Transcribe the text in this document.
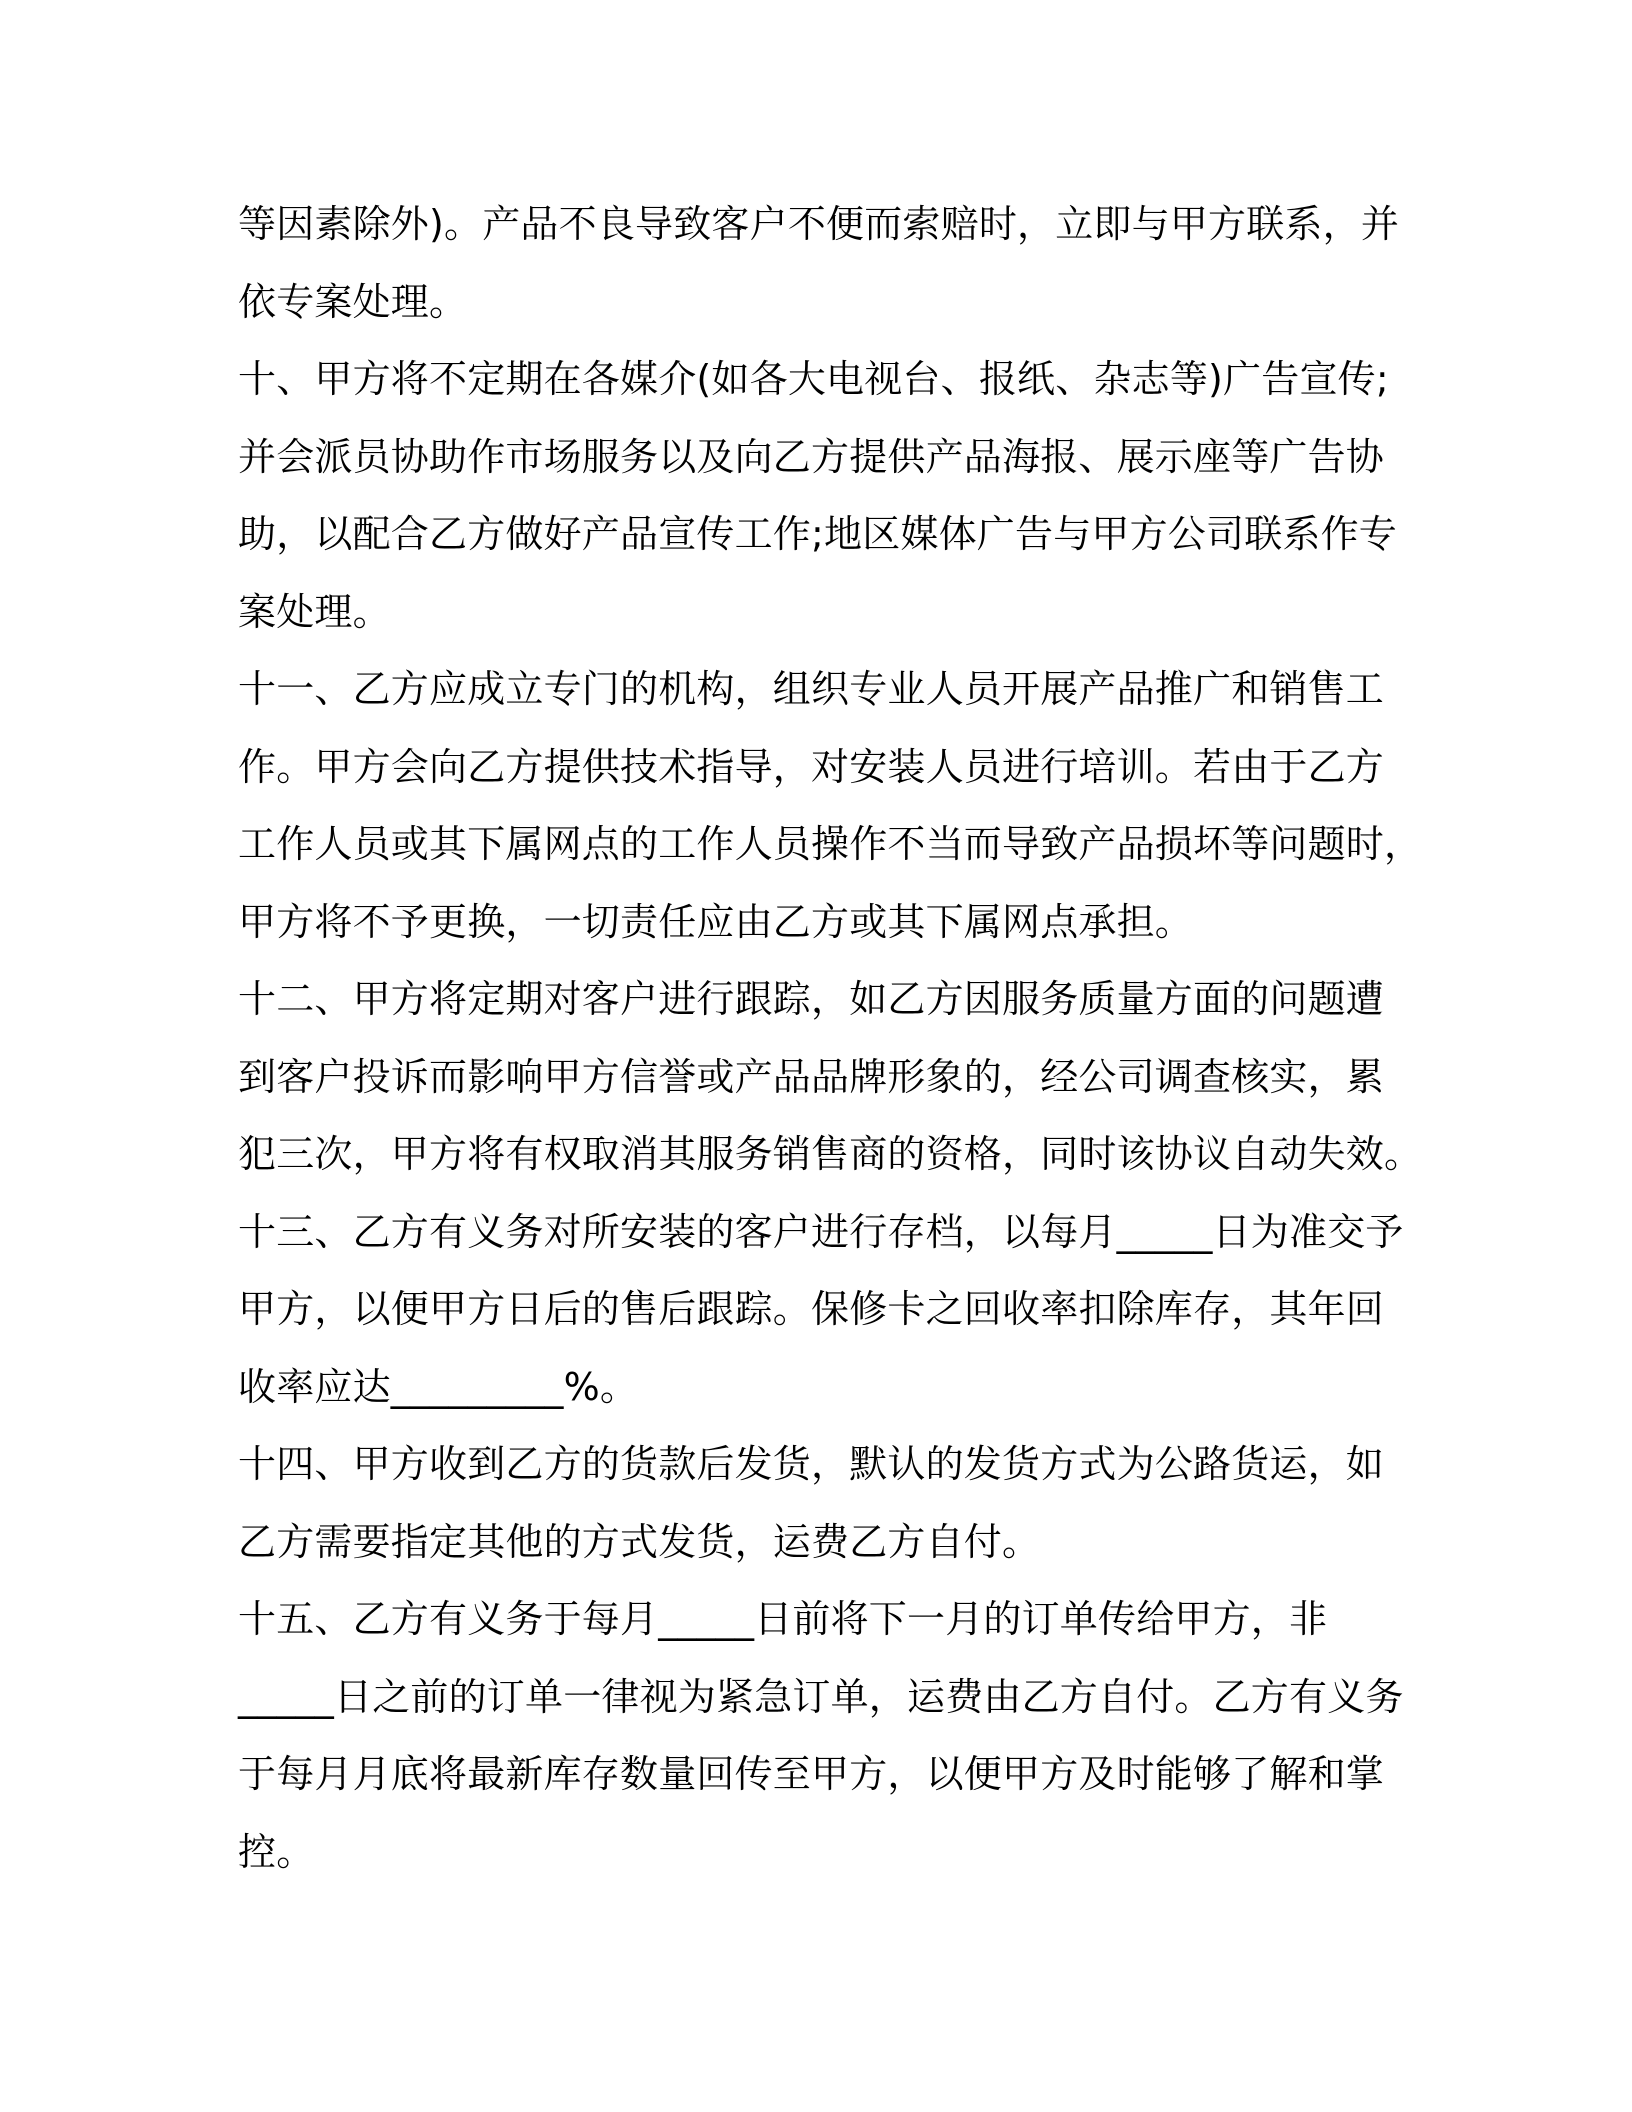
等因素除外)。产品不良导致客户不便而索赔时，立即与甲方联系，并
依专案处理。
十、甲方将不定期在各媒介(如各大电视台、报纸、杂志等)广告宣传;
并会派员协助作市场服务以及向乙方提供产品海报、展示座等广告协
助，以配合乙方做好产品宣传工作;地区媒体广告与甲方公司联系作专
案处理。
十一、乙方应成立专门的机构，组织专业人员开展产品推广和销售工
作。甲方会向乙方提供技术指导，对安装人员进行培训。若由于乙方
工作人员或其下属网点的工作人员操作不当而导致产品损坏等问题时，
甲方将不予更换，一切责任应由乙方或其下属网点承担。
十二、甲方将定期对客户进行跟踪，如乙方因服务质量方面的问题遭
到客户投诉而影响甲方信誉或产品品牌形象的，经公司调查核实，累
犯三次，甲方将有权取消其服务销售商的资格，同时该协议自动失效。
十三、乙方有义务对所安装的客户进行存档，以每月_____日为准交予
甲方，以便甲方日后的售后跟踪。保修卡之回收率扣除库存，其年回
收率应达_________%。
十四、甲方收到乙方的货款后发货，默认的发货方式为公路货运，如
乙方需要指定其他的方式发货，运费乙方自付。
十五、乙方有义务于每月_____日前将下一月的订单传给甲方，非
_____日之前的订单一律视为紧急订单，运费由乙方自付。乙方有义务
于每月月底将最新库存数量回传至甲方，以便甲方及时能够了解和掌
控。
